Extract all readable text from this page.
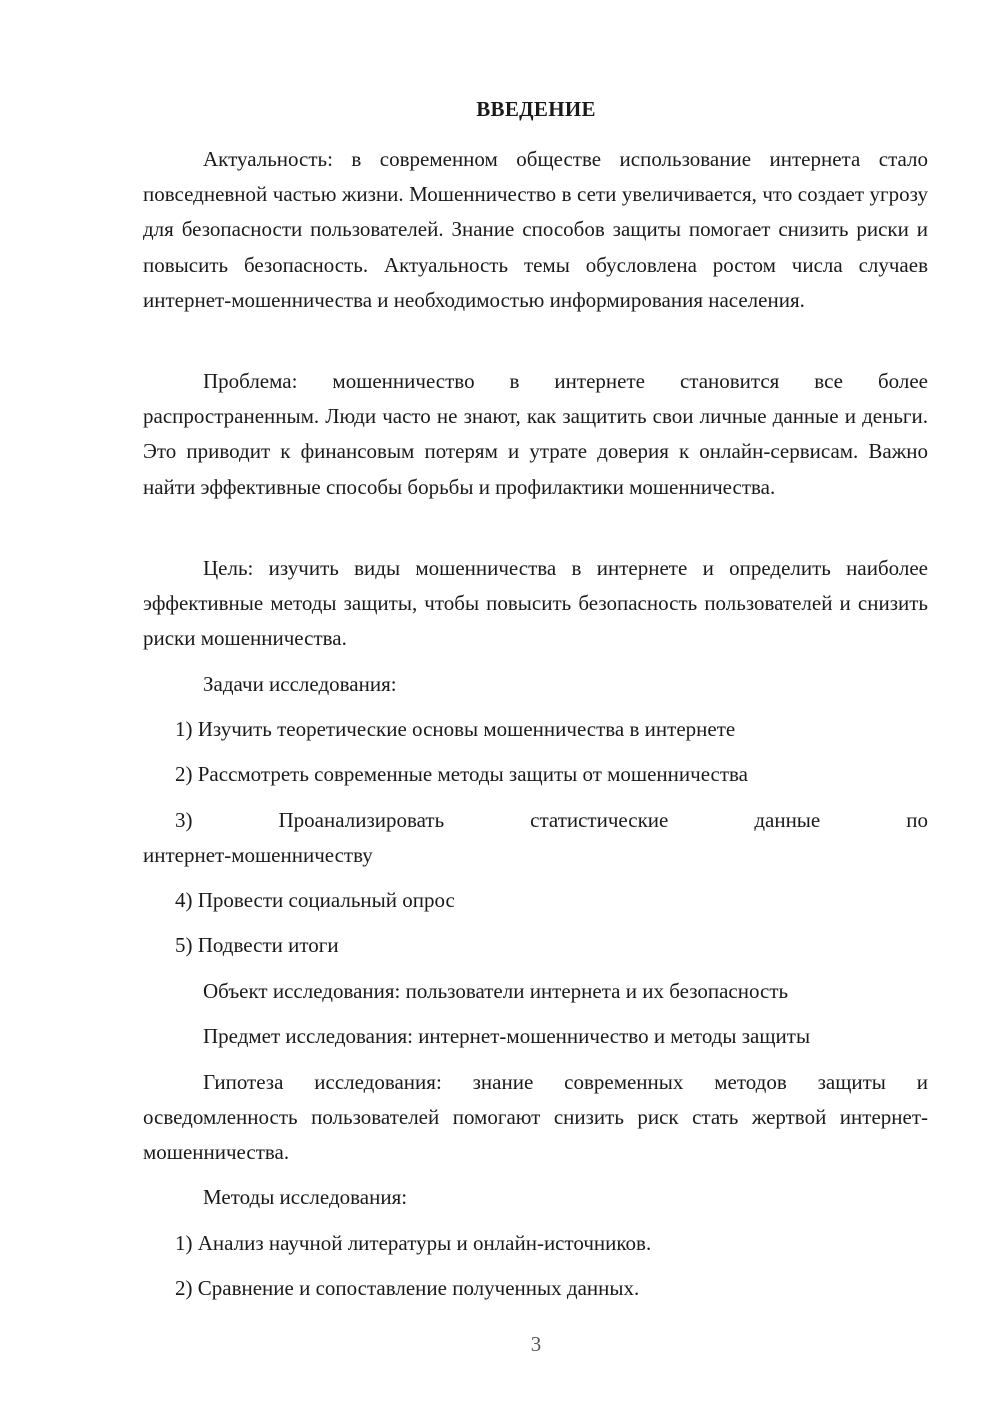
ВВЕДЕНИЕ

Актуальность: в современном обществе использование интернета стало повседневной частью жизни. Мошенничество в сети увеличивается, что создает угрозу для безопасности пользователей. Знание способов защиты помогает снизить риски и повысить безопасность. Актуальность темы обусловлена ростом числа случаев интернет-мошенничества и необходимостью информирования населения.

Проблема: мошенничество в интернете становится все более распространенным. Люди часто не знают, как защитить свои личные данные и деньги. Это приводит к финансовым потерям и утрате доверия к онлайн-сервисам. Важно найти эффективные способы борьбы и профилактики мошенничества.

Цель: изучить виды мошенничества в интернете и определить наиболее эффективные методы защиты, чтобы повысить безопасность пользователей и снизить риски мошенничества.

Задачи исследования:
1) Изучить теоретические основы мошенничества в интернете
2) Рассмотреть современные методы защиты от мошенничества
3)	Проанализировать	статистические	данные	по
интернет-мошенничеству
4) Провести социальный опрос
5) Подвести итоги
Объект исследования: пользователи интернета и их безопасность
Предмет исследования: интернет-мошенничество и методы защиты

Гипотеза исследования: знание современных методов защиты и осведомленность пользователей помогают снизить риск стать жертвой интернет-мошенничества.

Методы исследования:
1) Анализ научной литературы и онлайн-источников.
2) Сравнение и сопоставление полученных данных.
3
